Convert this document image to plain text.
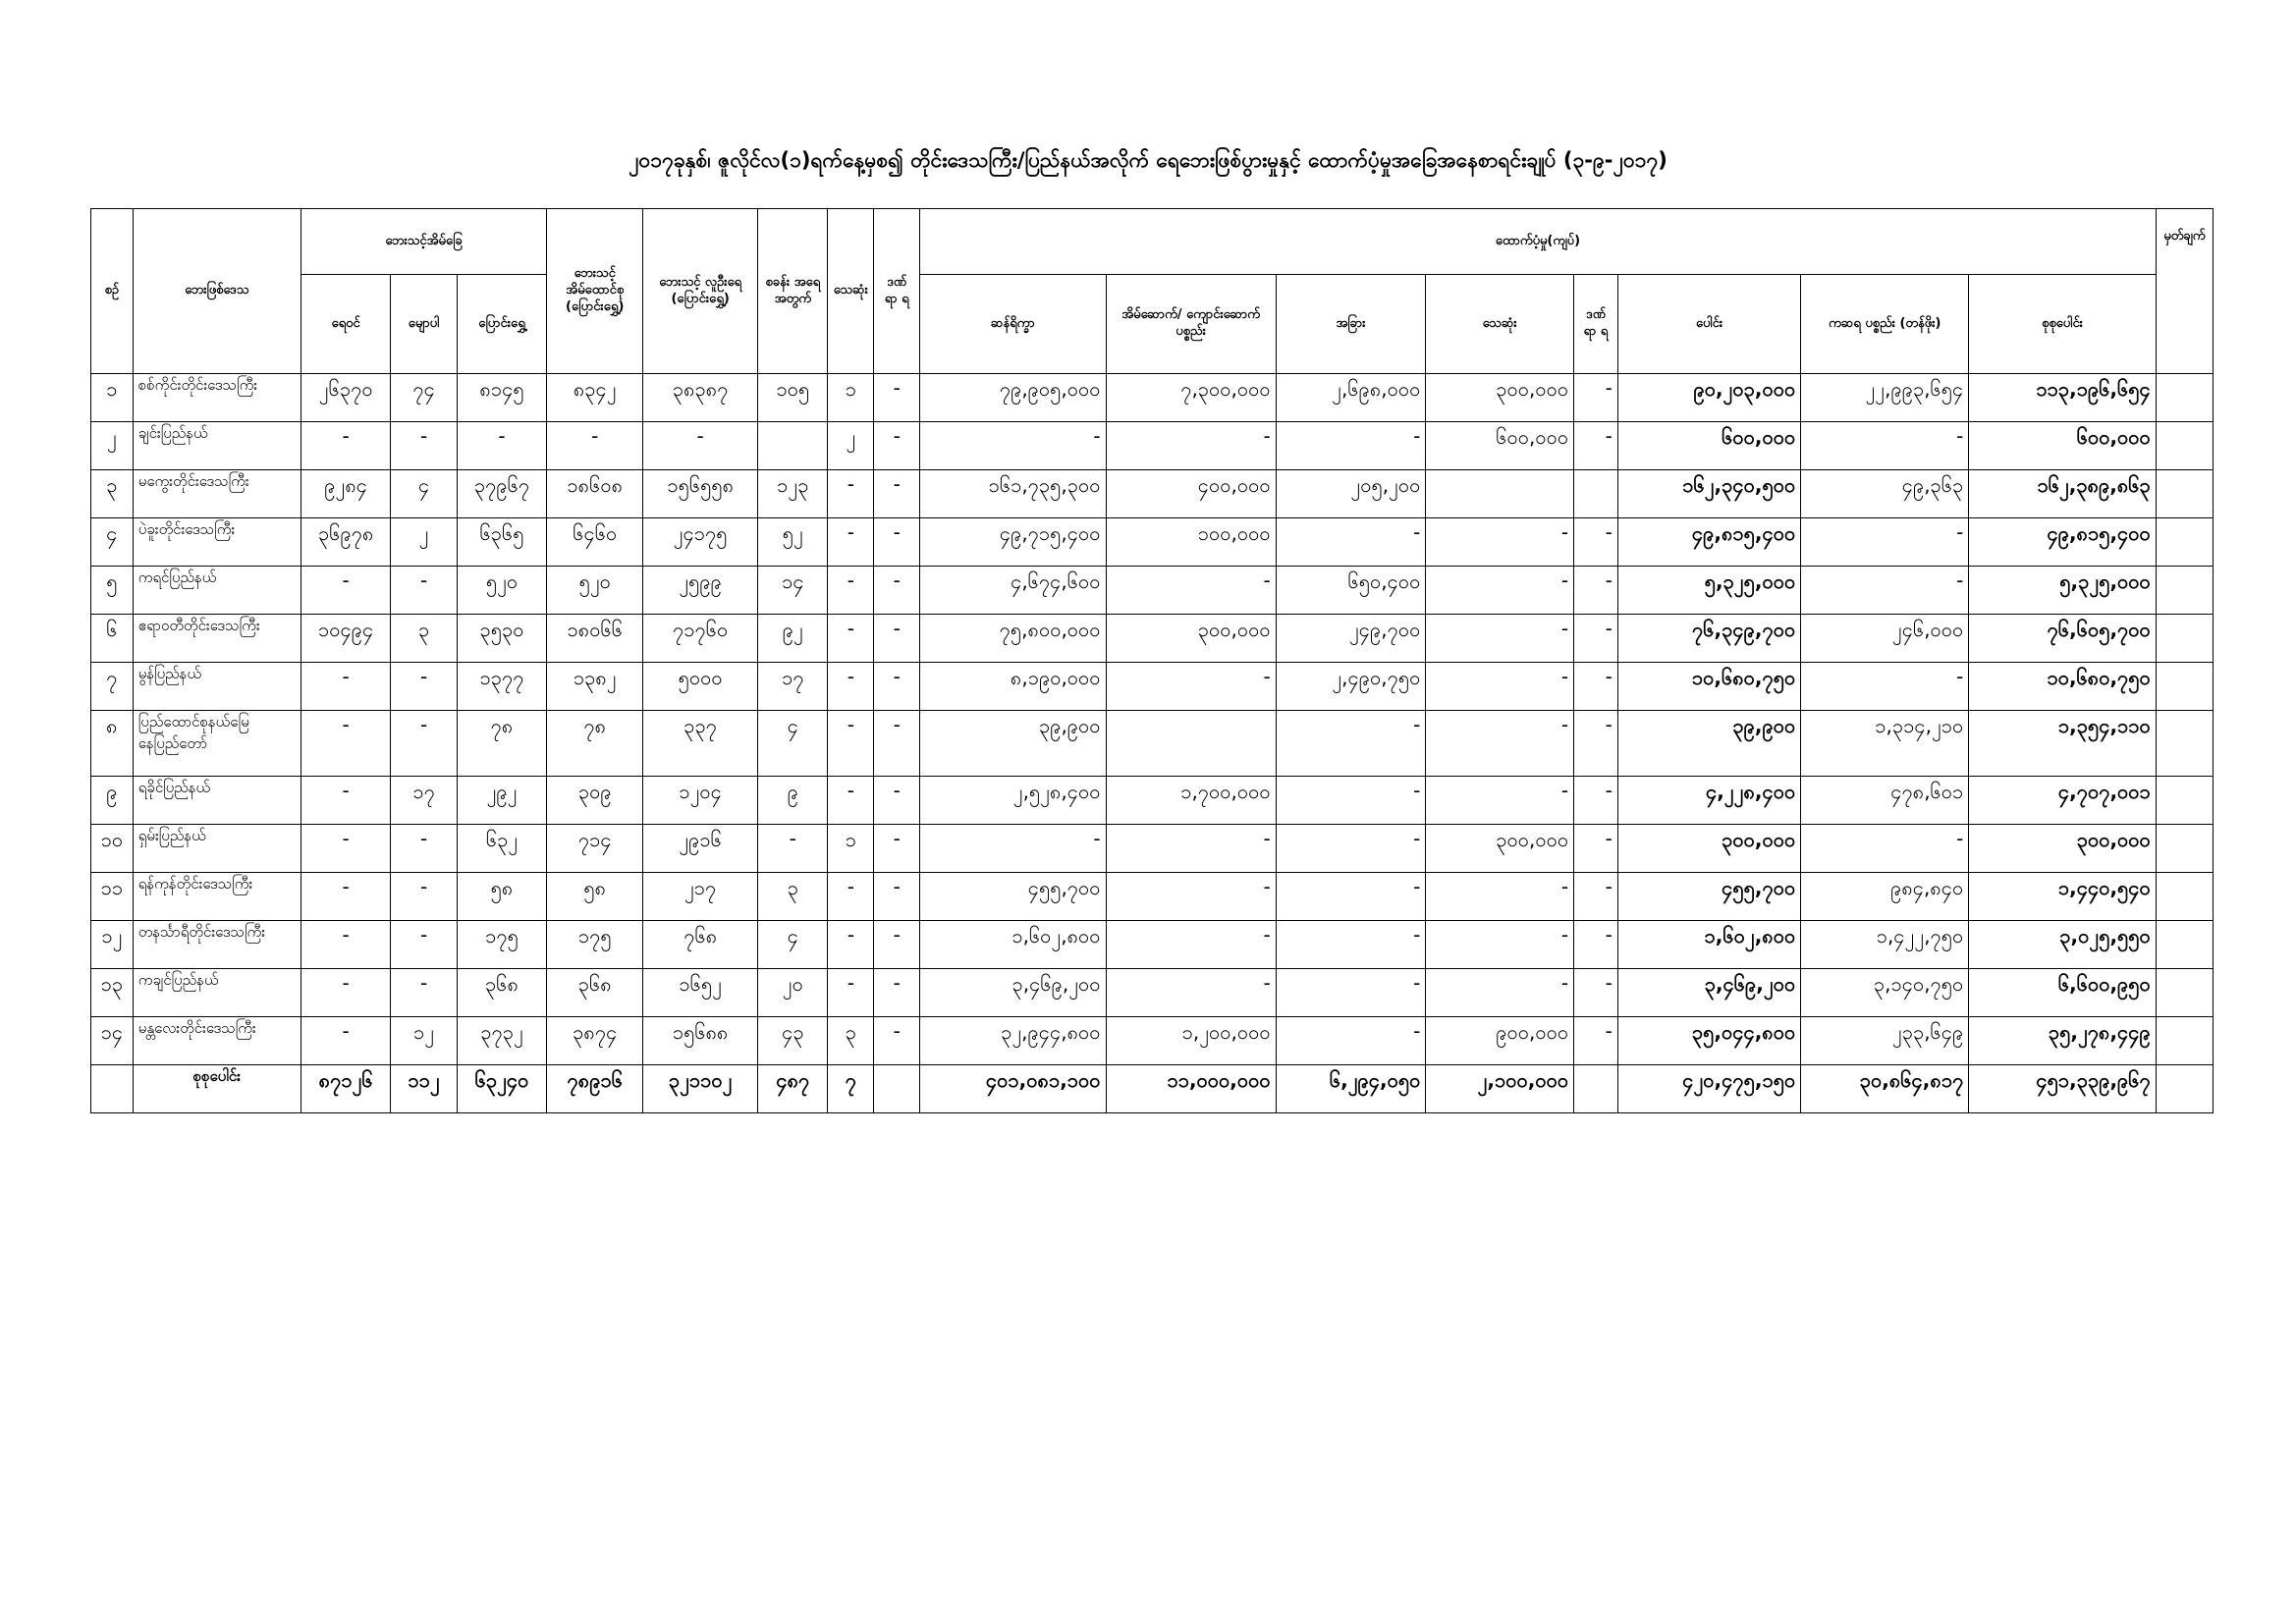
၂၀၁၇ခုနှစ်၊ ဇူလိုင်လ(၁)ရက်နေ့မှစ၍ တိုင်းဒေသကြီး/ပြည်နယ်အလိုက် ရေဘေးဖြစ်ပွားမှုနှင့် ထောက်ပံ့မှုအခြေအနေစာရင်းချုပ် (၃-၉-၂၀၁၇)
စဉ်	ဘေးဖြစ်ဒေသ	ဘေးသင့်အိမ်ခြေ			ဘေးသင့် အိမ်ထောင်စု (ပြောင်းရွှေ့)	ဘေးသင့် လူဦးရေ (ပြောင်းရွှေ့)	စခန်း အရေ အတွက်	သေဆုံး	ဒဏ် ရာ ရ	ထောက်ပံ့မှု(ကျပ်)								မှတ်ချက်
		ရေဝင်	မျောပါ	ပြောင်းရွှေ့						ဆန်ရိက္ခာ	အိမ်ဆောက်/ ကျောင်းဆောက် ပစ္စည်း	အခြား	သေဆုံး	ဒဏ် ရာ ရ	ပေါင်း	ကဆရ ပစ္စည်း (တန်ဖိုး)	စုစုပေါင်း	
၁	စစ်ကိုင်းတိုင်းဒေသကြီး	၂၆၃၇၀	၇၄	၈၁၄၅	၈၃၄၂	၃၈၃၈၇	၁၀၅	၁	-	၇၉,၉၀၅,၀၀၀	၇,၃၀၀,၀၀၀	၂,၆၉၈,၀၀၀	၃၀၀,၀၀၀	-	၉၀,၂၀၃,၀၀၀	၂၂,၉၉၃,၆၅၄	၁၁၃,၁၉၆,၆၅၄	
၂	ချင်းပြည်နယ်	-	-	-	-	-		၂	-	-	-	-	၆၀၀,၀၀၀	-	၆၀၀,၀၀၀	-	၆၀၀,၀၀၀	
၃	မကွေးတိုင်းဒေသကြီး	၉၂၈၄	၄	၃၇၉၆၇	၁၈၆၀၈	၁၅၆၅၅၈	၁၂၃	-	-	၁၆၁,၇၃၅,၃၀၀	၄၀၀,၀၀၀	၂၀၅,၂၀၀			၁၆၂,၃၄၀,၅၀၀	၄၉,၃၆၃	၁၆၂,၃၈၉,၈၆၃	
၄	ပဲခူးတိုင်းဒေသကြီး	၃၆၉၇၈	၂	၆၃၆၅	၆၄၆၀	၂၄၁၇၅	၅၂	-	-	၄၉,၇၁၅,၄၀၀	၁၀၀,၀၀၀	-	-	-	၄၉,၈၁၅,၄၀၀	-	၄၉,၈၁၅,၄၀၀	
၅	ကရင်ပြည်နယ်	-	-	၅၂၀	၅၂၀	၂၅၉၉	၁၄	-	-	၄,၆၇၄,၆၀၀	-	၆၅၀,၄၀၀	-	-	၅,၃၂၅,၀၀၀	-	၅,၃၂၅,၀၀၀	
၆	ဧရာဝတီတိုင်းဒေသကြီး	၁၀၄၉၄	၃	၃၅၃၀	၁၈၀၆၆	၇၁၇၆၀	၉၂	-	-	၇၅,၈၀၀,၀၀၀	၃၀၀,၀၀၀	၂၄၉,၇၀၀	-	-	၇၆,၃၄၉,၇၀၀	၂၄၆,၀၀၀	၇၆,၆၀၅,၇၀၀	
၇	မွန်ပြည်နယ်	-	-	၁၃၇၇	၁၃၈၂	၅၀၀၀	၁၇	-	-	၈,၁၉၀,၀၀၀	-	၂,၄၉၀,၇၅၀	-	-	၁၀,၆၈၀,၇၅၀	-	၁၀,၆၈၀,၇၅၀	
၈	ပြည်ထောင်စုနယ်မြေ နေပြည်တော်	-	-	၇၈	၇၈	၃၃၇	၄	-	-	၃၉,၉၀၀		-	-	-	၃၉,၉၀၀	၁,၃၁၄,၂၁၀	၁,၃၅၄,၁၁၀	
၉	ရခိုင်ပြည်နယ်	-	၁၇	၂၉၂	၃၀၉	၁၂၀၄	၉	-	-	၂,၅၂၈,၄၀၀	၁,၇၀၀,၀၀၀	-	-	-	၄,၂၂၈,၄၀၀	၄၇၈,၆၀၁	၄,၇၀၇,၀၀၁	
၁၀	ရှမ်းပြည်နယ်	-	-	၆၃၂	၇၁၄	၂၉၁၆	-	၁	-	-	-	-	၃၀၀,၀၀၀	-	၃၀၀,၀၀၀	-	၃၀၀,၀၀၀	
၁၁	ရန်ကုန်တိုင်းဒေသကြီး	-	-	၅၈	၅၈	၂၁၇	၃	-	-	၄၅၅,၇၀၀	-	-	-	-	၄၅၅,၇၀၀	၉၈၄,၈၄၀	၁,၄၄၀,၅၄၀	
၁၂	တနင်္သာရီတိုင်းဒေသကြီး	-	-	၁၇၅	၁၇၅	၇၆၈	၄	-	-	၁,၆၀၂,၈၀၀	-	-	-	-	၁,၆၀၂,၈၀၀	၁,၄၂၂,၇၅၀	၃,၀၂၅,၅၅၀	
၁၃	ကချင်ပြည်နယ်	-	-	၃၆၈	၃၆၈	၁၆၅၂	၂၀	-	-	၃,၄၆၉,၂၀၀	-	-	-	-	၃,၄၆၉,၂၀၀	၃,၁၄၀,၇၅၀	၆,၆၀၀,၉၅၀	
၁၄	မန္တလေးတိုင်းဒေသကြီး	-	၁၂	၃၇၃၂	၃၈၇၄	၁၅၆၈၈	၄၃	၃	-	၃၂,၉၄၄,၈၀၀	၁,၂၀၀,၀၀၀	-	၉၀၀,၀၀၀	-	၃၅,၀၄၄,၈၀၀	၂၃၃,၆၄၉	၃၅,၂၇၈,၄၄၉	
	စုစုပေါင်း	၈၇၁၂၆	၁၁၂	၆၃၂၄၀	၇၈၉၁၆	၃၂၁၁၀၂	၄၈၇	၇		၄၀၁,၀၈၁,၁၀၀	၁၁,၀၀၀,၀၀၀	၆,၂၉၄,၀၅၀	၂,၁၀၀,၀၀၀		၄၂၀,၄၇၅,၁၅၀	၃၀,၈၆၄,၈၁၇	၄၅၁,၃၃၉,၉၆၇	
